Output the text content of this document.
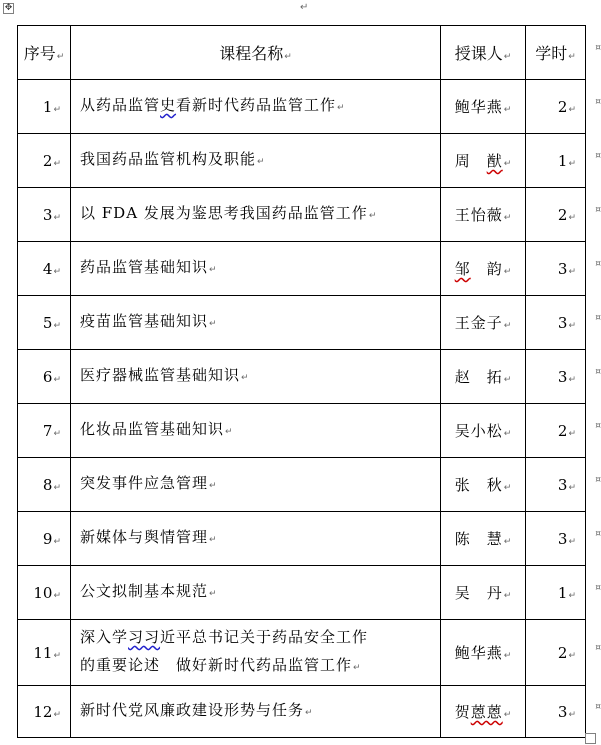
✥	↵
序号↵	课程名称↵	授课人↵	学时↵
¤

1↵	从药品监管史看新时代药品监管工作↵	鲍华燕↵	2↵
¤

2↵	我国药品监管机构及职能↵	周　猷↵	1↵
¤

3↵	以 FDA 发展为鉴思考我国药品监管工作↵	王怡薇↵	2↵
¤

4↵	药品监管基础知识↵	邹　韵↵	3↵
¤

5↵	疫苗监管基础知识↵	王金子↵	3↵
¤

6↵	医疗器械监管基础知识↵	赵　拓↵	3↵
¤

7↵	化妆品监管基础知识↵	吴小松↵	2↵
¤

8↵	突发事件应急管理↵	张　秋↵	3↵
¤

9↵	新媒体与舆情管理↵	陈　慧↵	3↵
¤

10↵	公文拟制基本规范↵	吴　丹↵	1↵
¤

11↵	深入学习习近平总书记关于药品安全工作
的重要论述　做好新时代药品监管工作↵	鲍华燕↵	2↵
¤

12↵	新时代党风廉政建设形势与任务↵	贺蒽蒽↵	3↵
¤
